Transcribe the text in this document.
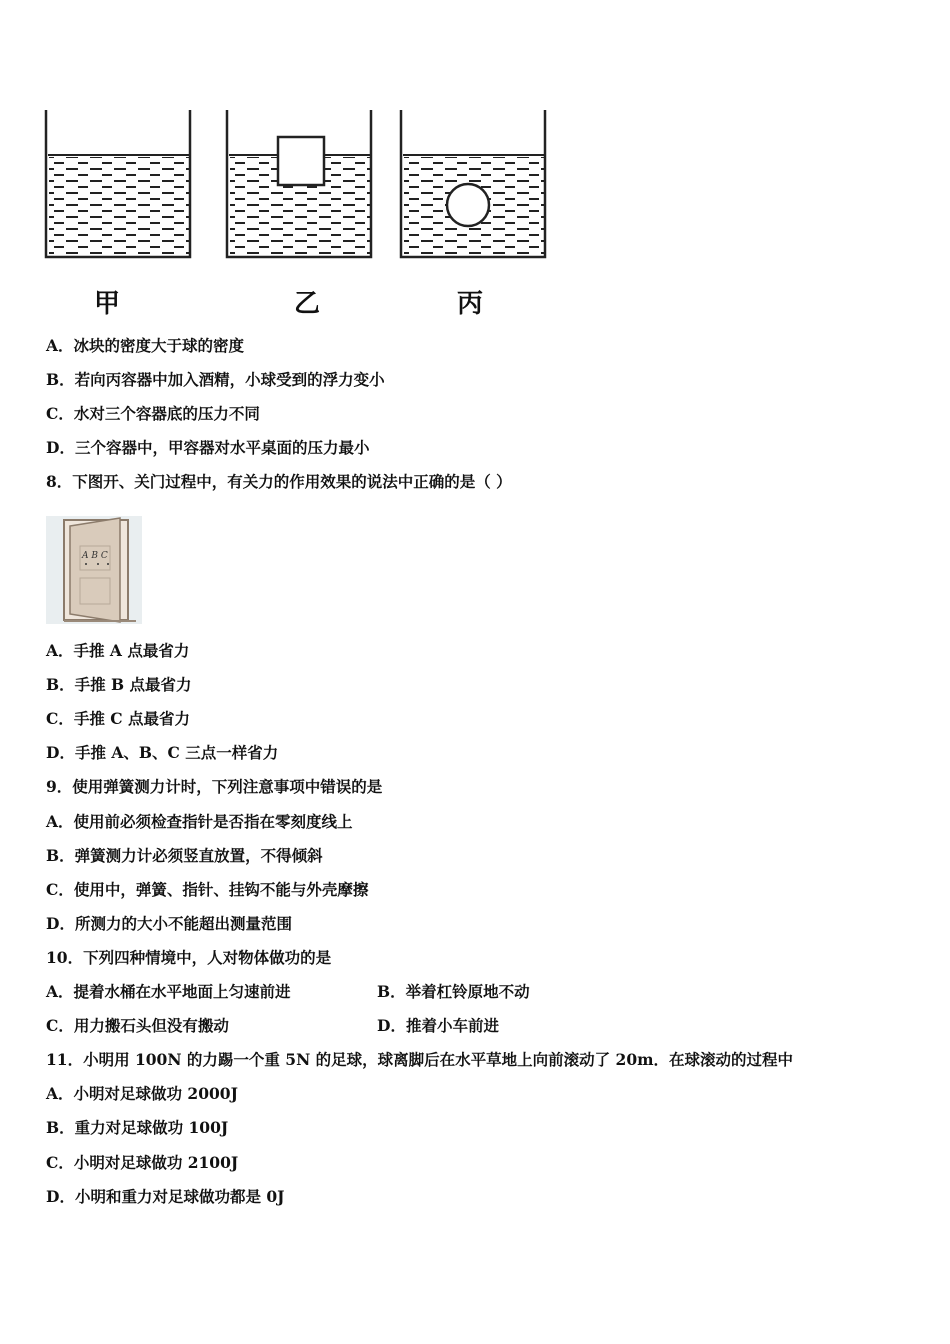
甲	乙	丙
A．冰块的密度大于球的密度
B．若向丙容器中加入酒精，小球受到的浮力变小
C．水对三个容器底的压力不同
D．三个容器中，甲容器对水平桌面的压力最小
8．下图开、关门过程中，有关力的作用效果的说法中正确的是（ ）
A B C
A．手推 A 点最省力
B．手推 B 点最省力
C．手推 C 点最省力
D．手推 A、B、C 三点一样省力
9．使用弹簧测力计时，下列注意事项中错误的是
A．使用前必须检查指针是否指在零刻度线上
B．弹簧测力计必须竖直放置，不得倾斜
C．使用中，弹簧、指针、挂钩不能与外壳摩擦
D．所测力的大小不能超出测量范围
10．下列四种情境中，人对物体做功的是
A．提着水桶在水平地面上匀速前进	B．举着杠铃原地不动
C．用力搬石头但没有搬动	D．推着小车前进
11．小明用 100N 的力踢一个重 5N 的足球，球离脚后在水平草地上向前滚动了 20m．在球滚动的过程中
A．小明对足球做功 2000J
B．重力对足球做功 100J
C．小明对足球做功 2100J
D．小明和重力对足球做功都是 0J
